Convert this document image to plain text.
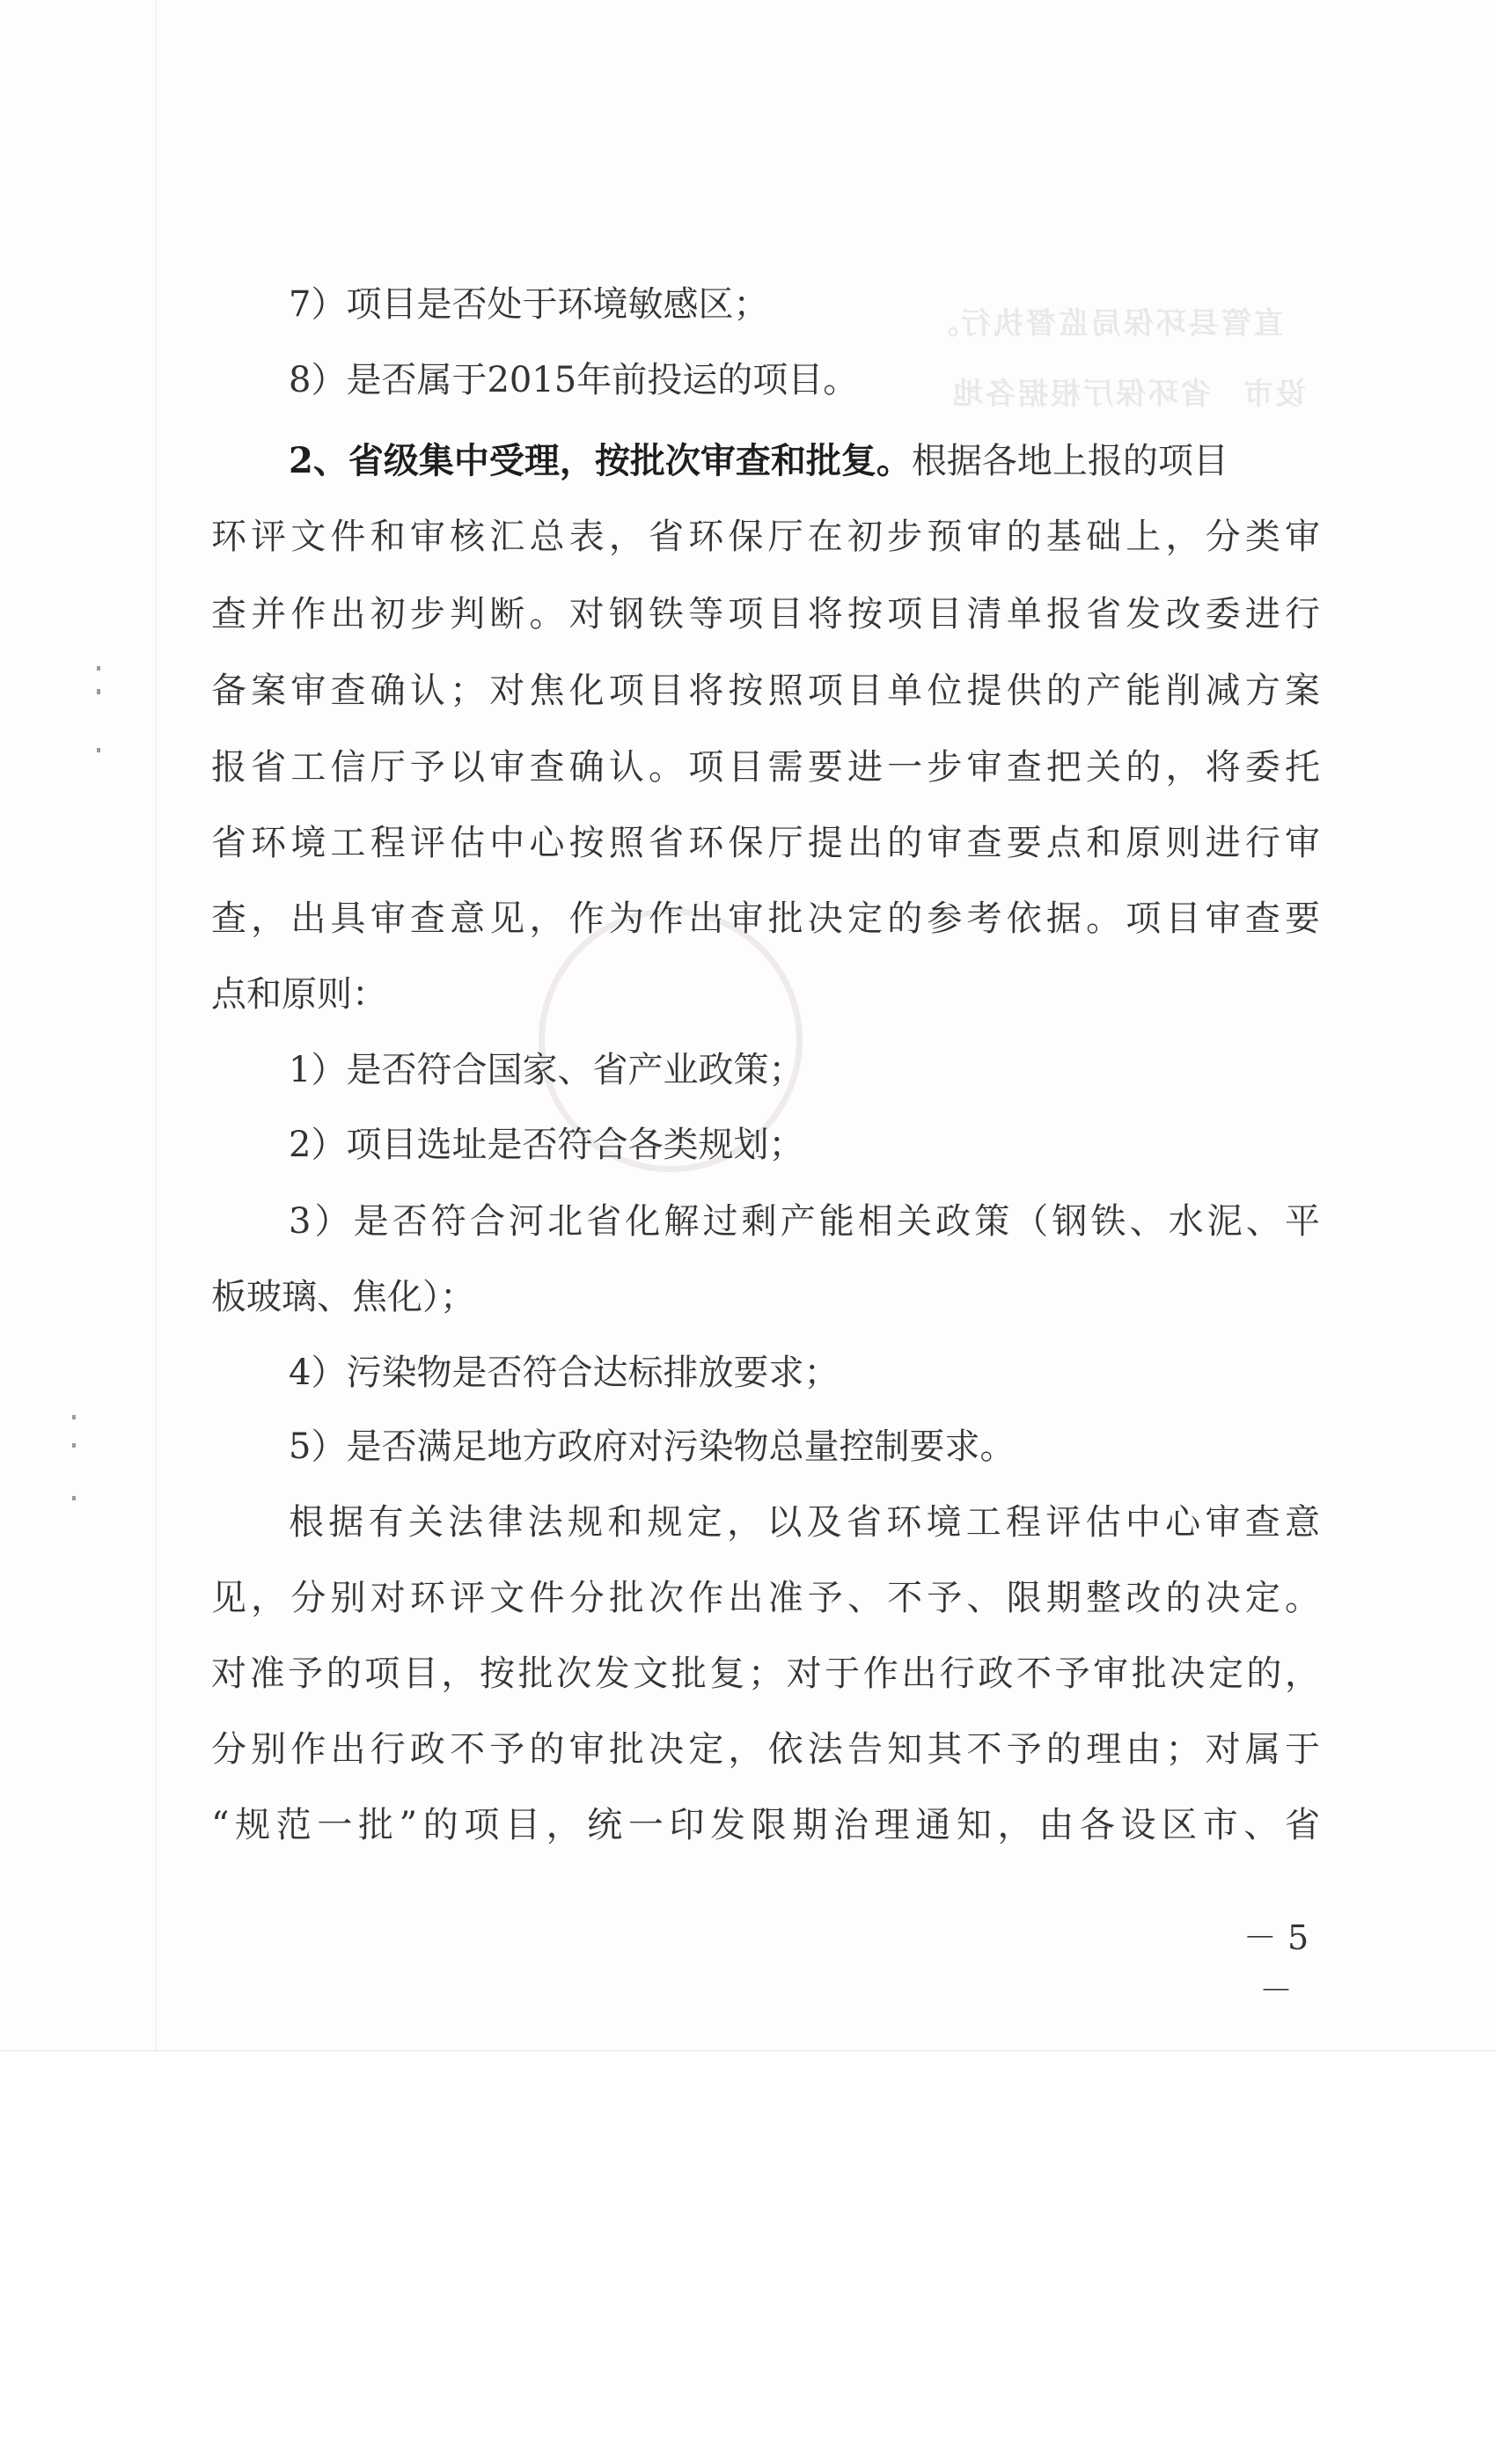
直管县环保局监督执行。
省环保厅根据各地 设市
7）项目是否处于环境敏感区；
8）是否属于2015年前投运的项目。
2、省级集中受理，按批次审查和批复。根据各地上报的项目
环评文件和审核汇总表，省环保厅在初步预审的基础上，分类审
查并作出初步判断。对钢铁等项目将按项目清单报省发改委进行
备案审查确认；对焦化项目将按照项目单位提供的产能削减方案
报省工信厅予以审查确认。项目需要进一步审查把关的，将委托
省环境工程评估中心按照省环保厅提出的审查要点和原则进行审
查，出具审查意见，作为作出审批决定的参考依据。项目审查要
点和原则：
1）是否符合国家、省产业政策；
2）项目选址是否符合各类规划；
3）是否符合河北省化解过剩产能相关政策（钢铁、水泥、平
板玻璃、焦化）；
4）污染物是否符合达标排放要求；
5）是否满足地方政府对污染物总量控制要求。
根据有关法律法规和规定，以及省环境工程评估中心审查意
见，分别对环评文件分批次作出准予、不予、限期整改的决定。
对准予的项目，按批次发文批复；对于作出行政不予审批决定的，
分别作出行政不予的审批决定，依法告知其不予的理由；对属于
“规范一批”的项目，统一印发限期治理通知，由各设区市、省
－ 5 －
